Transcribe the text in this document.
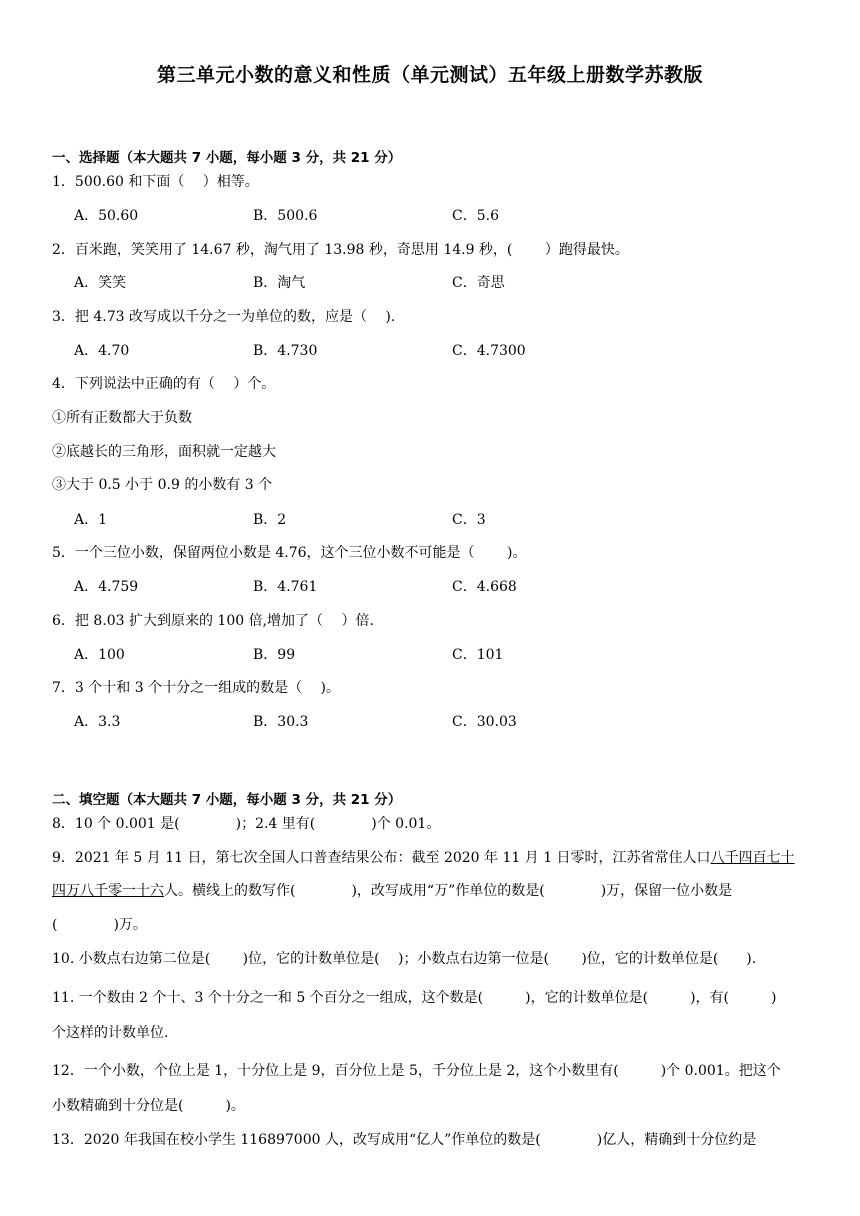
第三单元小数的意义和性质（单元测试）五年级上册数学苏教版
一、选择题（本大题共 7 小题，每小题 3 分，共 21 分）
1．500.60 和下面（　 ）相等。
A．50.60	B．500.6	C．5.6
2．百米跑，笑笑用了 14.67 秒，淘气用了 13.98 秒，奇思用 14.9 秒，(　　 ）跑得最快。
A．笑笑	B．淘气	C．奇思
3．把 4.73 改写成以千分之一为单位的数，应是（　 ).
A．4.70	B．4.730	C．4.7300
4．下列说法中正确的有（　 ）个。
①所有正数都大于负数
②底越长的三角形，面积就一定越大
③大于 0.5 小于 0.9 的小数有 3 个
A．1	B．2	C．3
5．一个三位小数，保留两位小数是 4.76，这个三位小数不可能是（　　 )。
A．4.759	B．4.761	C．4.668
6．把 8.03 扩大到原来的 100 倍,增加了（　 ）倍.
A．100	B．99	C．101
7．3 个十和 3 个十分之一组成的数是（　 )。
A．3.3	B．30.3	C．30.03
二、填空题（本大题共 7 小题，每小题 3 分，共 21 分）
8．10 个 0.001 是(　　　　)；2.4 里有(　　　　)个 0.01。
9．2021 年 5 月 11 日，第七次全国人口普查结果公布：截至 2020 年 11 月 1 日零时，江苏省常住人口八千四百七十
四万八千零一十六人。横线上的数写作(　　　　)，改写成用“万”作单位的数是(　　　　)万，保留一位小数是
(　　　　)万。
10. 小数点右边第二位是(　　 )位，它的计数单位是(　 )；小数点右边第一位是(　　 )位，它的计数单位是(　　).
11. 一个数由 2 个十、3 个十分之一和 5 个百分之一组成，这个数是(　　　)，它的计数单位是(　　　)，有(　　　)
个这样的计数单位.
12．一个小数，个位上是 1，十分位上是 9，百分位上是 5，千分位上是 2，这个小数里有(　　　)个 0.001。把这个
小数精确到十分位是(　　　)。
13．2020 年我国在校小学生 116897000 人，改写成用“亿人”作单位的数是(　　　　)亿人，精确到十分位约是
